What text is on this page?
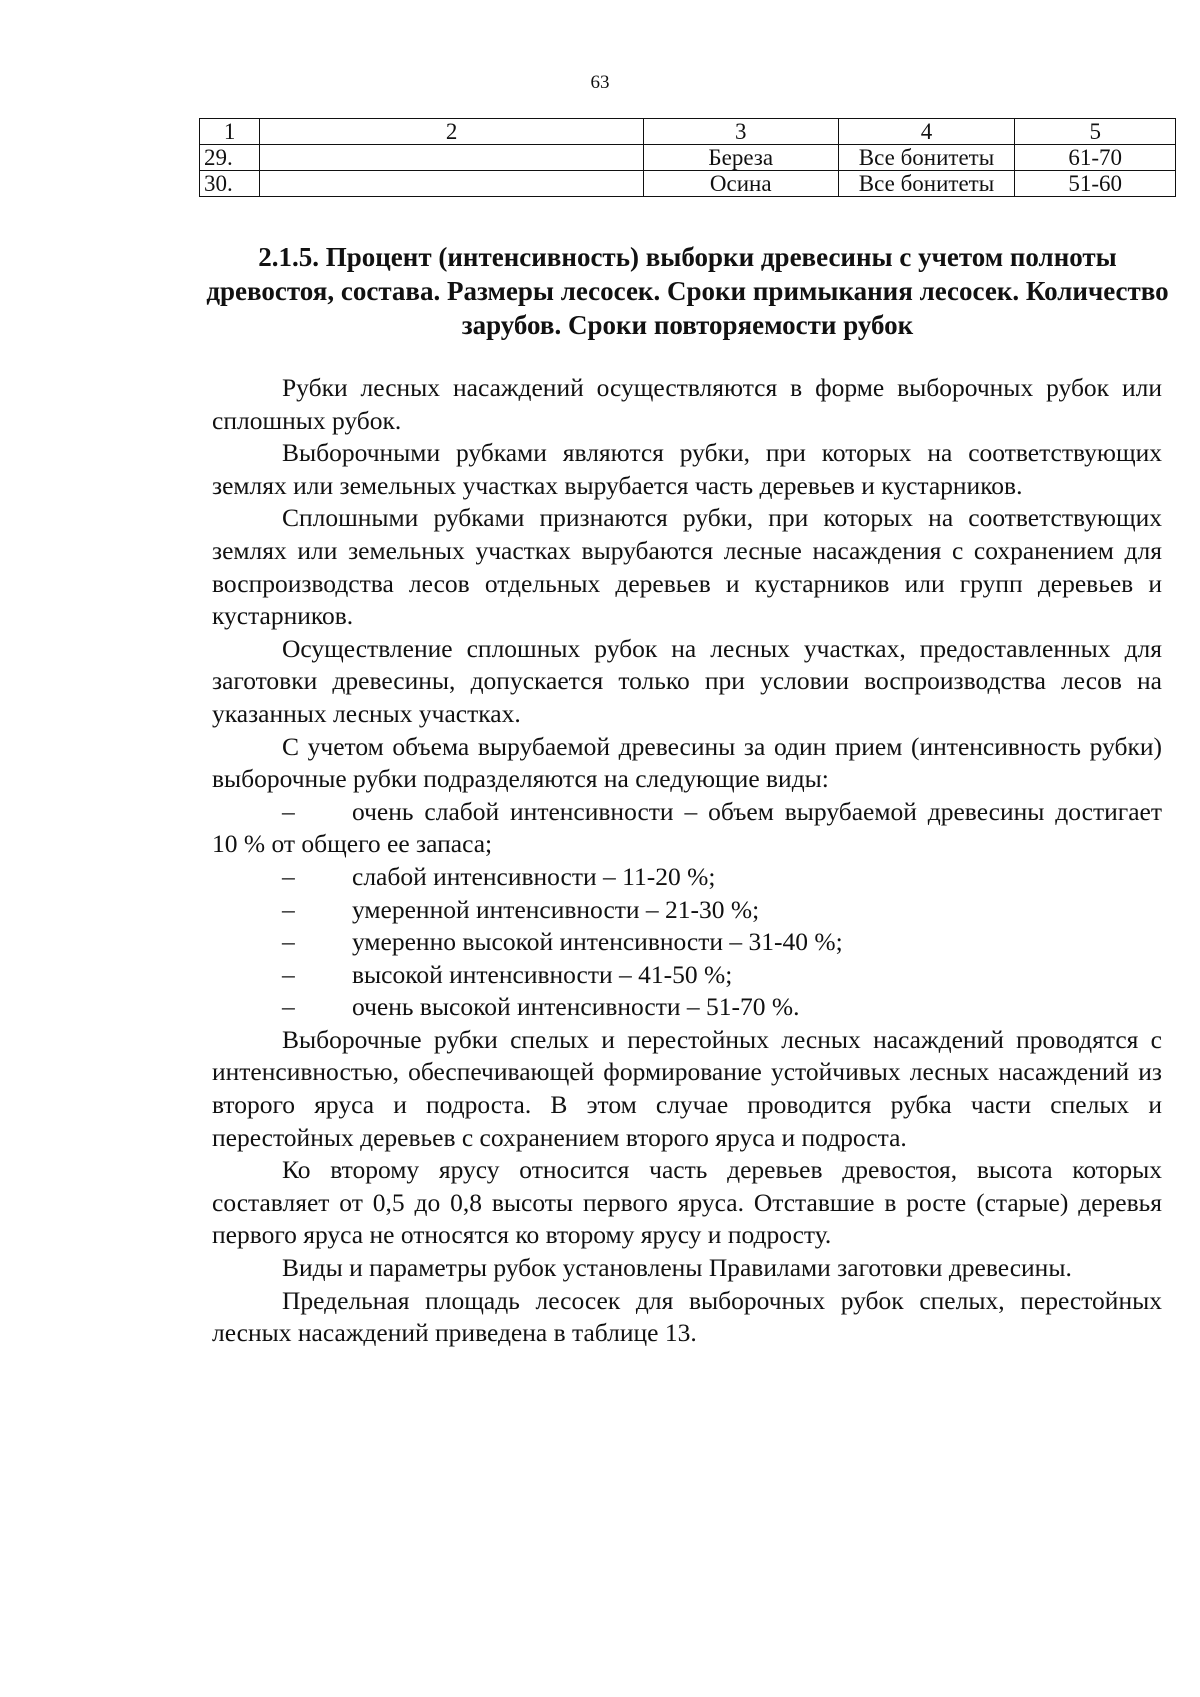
63
1	2	3	4	5
29.		Береза	Все бонитеты	61-70
30.		Осина	Все бонитеты	51-60
2.1.5. Процент (интенсивность) выборки древесины с учетом полноты древостоя, состава. Размеры лесосек. Сроки примыкания лесосек. Количество зарубов. Сроки повторяемости рубок

Рубки лесных насаждений осуществляются в форме выборочных рубок или сплошных рубок.

Выборочными рубками являются рубки, при которых на соответствующих землях или земельных участках вырубается часть деревьев и кустарников.

Сплошными рубками признаются рубки, при которых на соответствующих землях или земельных участках вырубаются лесные насаждения с сохранением для воспроизводства лесов отдельных деревьев и кустарников или групп деревьев и кустарников.

Осуществление сплошных рубок на лесных участках, предоставленных для заготовки древесины, допускается только при условии воспроизводства лесов на указанных лесных участках.

С учетом объема вырубаемой древесины за один прием (интенсивность рубки) выборочные рубки подразделяются на следующие виды:

– очень слабой интенсивности – объем вырубаемой древесины достигает 10 % от общего ее запаса;

– слабой интенсивности – 11-20 %;

– умеренной интенсивности – 21-30 %;

– умеренно высокой интенсивности – 31-40 %;

– высокой интенсивности – 41-50 %;

– очень высокой интенсивности – 51-70 %.

Выборочные рубки спелых и перестойных лесных насаждений проводятся с интенсивностью, обеспечивающей формирование устойчивых лесных насаждений из второго яруса и подроста. В этом случае проводится рубка части спелых и перестойных деревьев с сохранением второго яруса и подроста.

Ко второму ярусу относится часть деревьев древостоя, высота которых составляет от 0,5 до 0,8 высоты первого яруса. Отставшие в росте (старые) деревья первого яруса не относятся ко второму ярусу и подросту.

Виды и параметры рубок установлены Правилами заготовки древесины.

Предельная площадь лесосек для выборочных рубок спелых, перестойных лесных насаждений приведена в таблице 13.
